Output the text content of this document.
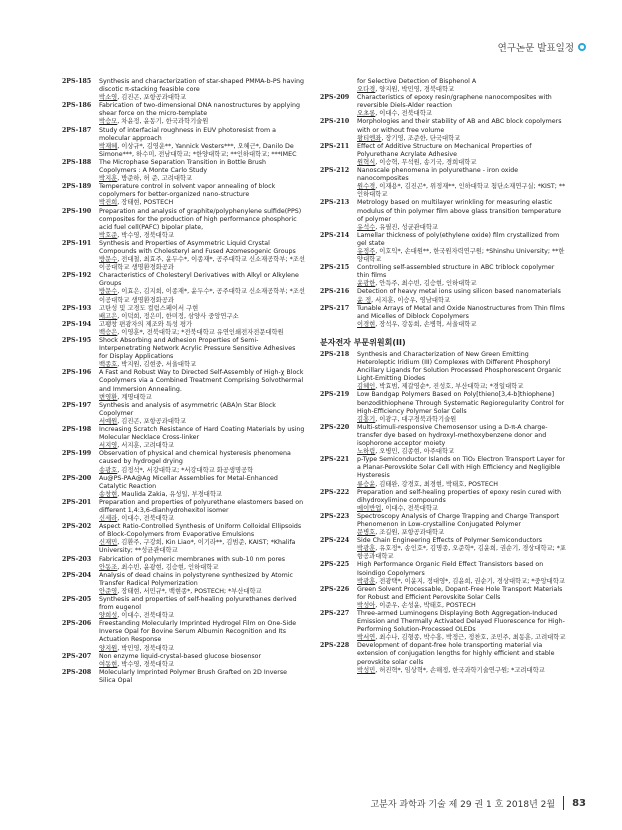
연구논문 발표일정
2PS-185	Synthesis and characterization of star-shaped PMMA-b-PS having discotic π-stacking feasible core
박소영, 김진곤, 포항공과대학교
2PS-186	Fabrication of two-dimensional DNA nanostructures by applying shear force on the micro-template
박승모, 차윤정, 윤동기, 한국과학기술원
2PS-187	Study of interfacial roughness in EUV photoresist from a molecular approach
박재혜, 이상규*, 김영운**, Yannick Vesters***, 오혜근*, Danilo De Simone***, 하수미, 전남대학교; *한양대학교; **인하대학교; ***IMEC
2PS-188	The Microphase Separation Transition in Bottle Brush Copolymers : A Monte Carlo Study
박지훈, 방준하, 허 준, 고려대학교
2PS-189	Temperature control in solvent vapor annealing of block copolymers for better-organized nano-structure
박진희, 장태현, POSTECH
2PS-190	Preparation and analysis of graphite/polyphenylene sulfide(PPS) composites for the production of high performance phosphoric acid fuel cell(PAFC) bipolar plate,
박호준, 박수영, 경북대학교
2PS-191	Synthesis and Properties of Asymmetric Liquid Crystal Compounds with Cholesteryl and Fused Azomesogenic Groups
방문수, 전대철, 최효주, 윤두수*, 이종재*, 공주대학교 신소재공학부; *조선이공대학교 생명환경화공과
2PS-192	Characteristics of Cholesteryl Derivatives with Alkyl or Alkylene Groups
방문수, 이효은, 김지희, 이종재*, 윤두수*, 공주대학교 신소재공학부; *조선이공대학교 생명환경화공과
2PS-193	고탄성 및 고경도 컬럼스페이서 구현
배고은, 이덕희, 정은미, 한미정, 삼양사 중앙연구소
2PS-194	고팽창 편광자의 제조와 특성 평가
백승은, 이영훈*, 전북대학교; *전북대학교 유연인쇄전자전문대학원
2PS-195	Shock Absorbing and Adhesion Properties of Semi-Interpenetrating Network Acrylic Pressure Sensitive Adhesives for Display Applications
백종호, 박지원, 김현중, 서울대학교
2PS-196	A Fast and Robust Way to Directed Self-Assembly of High-χ Block Copolymers via a Combined Treatment Comprising Solvothermal and Immersion Annealing.
변영환, 계명대학교
2PS-197	Synthesis and analysis of asymmetric (ABA)n Star Block Copolymer
서예원, 김진곤, 포항공과대학교
2PS-198	Increasing Scratch Resistance of Hard Coating Materials by using Molecular Necklace Cross-linker
서지영, 서지훈, 고려대학교
2PS-199	Observation of physical and chemical hysteresis phenomena caused by hydrogel drying
송광호, 김정석*, 서강대학교; *서강대학교 화공생명공학
2PS-200	Au@PS-PAA@Ag Micellar Assemblies for Metal-Enhanced Catalytic Reaction
송창현, Maulida Zakia, 유성일, 부경대학교
2PS-201	Preparation and properties of polyurethane elastomers based on different 1,4:3,6-dianhydrohexitol isomer
신세라, 이대수, 전북대학교
2PS-202	Aspect Ratio-Controlled Synthesis of Uniform Colloidal Ellipsoids of Block-Copolymers from Evaporative Emulsions
신재민, 김환주, 구강희, Kin Liao*, 이기라**, 김범준, KAIST; *Khalifa University; **성균관대학교
2PS-203	Fabrication of polymeric membranes with sub-10 nm pores
안동조, 최수빈, 윤광현, 김승현, 인하대학교
2PS-204	Analysis of dead chains in polystyrene synthesized by Atomic Transfer Radical Polymerization
안준영, 장태현, 서민규*, 백현종*, POSTECH; *부산대학교
2PS-205	Synthesis and properties of self-healing polyurethanes derived from eugenol
양희성, 이대수, 전북대학교
2PS-206	Freestanding Molecularly Imprinted Hydrogel Film on One-Side Inverse Opal for Bovine Serum Albumin Recognition and Its Actuation Response
양지원, 박민영, 경북대학교
2PS-207	Non enzyme liquid-crystal-based glucose biosensor
여동현, 박수영, 경북대학교
2PS-208	Molecularly Imprinted Polymer Brush Grafted on 2D Inverse Silica Opal
for Selective Detection of Bisphenol A
오다경, 양지원, 박민영, 경북대학교
2PS-209	Characteristics of epoxy resin/graphene nanocomposites with reversible Diels-Alder reaction
오초롱, 이대수, 전북대학교
2PS-210	Morphologies and their stability of AB and ABC block copolymers with or without free volume
왕티엔좌, 장기영, 조준한, 단국대학교
2PS-211	Effect of Additive Structure on Mechanical Properties of Polyurethane Acrylate Adhesive
원혁식, 이승혁, 무석원, 송기국, 경희대학교
2PS-212	Nanoscale phenomena in polyurethane - iron oxide nanocomposites
원수경, 이재용*, 김진곤*, 위정재**, 인하대학교 첨단소재연구실; *KIST; **인하대학교
2PS-213	Metrology based on multilayer wrinkling for measuring elastic modulus of thin polymer film above glass transition temperature of polymer
유석수, 유필진, 성균관대학교
2PS-214	Lamellar thickness of poly(ethylene oxide) film crystallized from gel state
유정주, 이호익*, 손대원**, 한국원자력연구원; *Shinshu University; **한양대학교
2PS-215	Controlling self-assembled structure in ABC triblock copolymer thin films
윤광한, 안득주, 최수빈, 김승현, 인하대학교
2PS-216	Detection of heavy metal ions using silicon based nanomaterials
윤 정, 서지훈, 이승우, 영남대학교
2PS-217	Tunable Arrays of Metal and Oxide Nanostructures from Thin films and Micelles of Diblock Copolymers
이경현, 장석우, 강동희, 손병혁, 서울대학교
분자전자 부문위원회(II)
2PS-218	Synthesis and Characterization of New Green Emitting Heteroleptic Iridium (III) Complexes with Different Phosphoryl Ancillary Ligands for Solution Processed Phosphorescent Organic Light-Emitting Diodes
김혜인, 박효범, 제갈영순*, 진성호, 부산대학교; *경일대학교
2PS-219	Low Bandgap Polymers Based on Poly[thieno[3,4-b]thiophene] benzodithiophene Through Systematic Regioregularity Control for High-Efficiency Polymer Solar Cells
김홍기, 이광구, 대구경북과학기술원
2PS-220	Multi-stimuli-responsive Chemosensor using a D-π-A charge-transfer dye based on hydroxyl-methoxybenzene donor and isophorone acceptor moiety
노하림, 오병민, 김종현, 아주대학교
2PS-221	p-Type Semiconductor Islands on TiO₂ Electron Transport Layer for a Planar-Perovskite Solar Cell with High Efficiency and Negligible Hysteresis
류승윤, 김태완, 강경호, 최경현, 박태호, POSTECH
2PS-222	Preparation and self-healing properties of epoxy resin cured with dihydroxylimine compounds
메이반업, 이대수, 전북대학교
2PS-223	Spectroscopy Analysis of Charge Trapping and Charge Transport Phenomenon in Low-crystalline Conjugated Polymer
문병호, 조길원, 포항공과대학교
2PS-224	Side Chain Engineering Effects of Polymer Semiconductors
박광훈, 유호정*, 송인호*, 김명종, 오준학*, 김윤희, 권순기, 경상대학교; *포항공과대학교
2PS-225	High Performance Organic Field Effect Transistors based on Isoindigo Copolymers
박광훈, 전광택*, 이윤지, 정대영*, 김윤희, 권순기, 경상대학교; *중앙대학교
2PS-226	Green Solvent Processable, Dopant-Free Hole Transport Materials for Robust and Efficient Perovskite Solar Cells
박성아, 이준우, 손성윤, 박태호, POSTECH
2PS-227	Three-armed Luminogens Displaying Both Aggregation-Induced Emission and Thermally Activated Delayed Fluorescence for High-Performing Solution-Processed OLEDs
박서연, 최수나, 김형종, 박수홍, 박정근, 정찬호, 조민주, 최동훈, 고려대학교
2PS-228	Development of dopant-free hole transporting material via extension of conjugation lengths for highly efficient and stable perovskite solar cells
박성민, 허진혁*, 임상혁*, 손해정, 한국과학기술연구원; *고려대학교
고분자 과학과 기술 제 29 권 1 호 2018년 2월 83
